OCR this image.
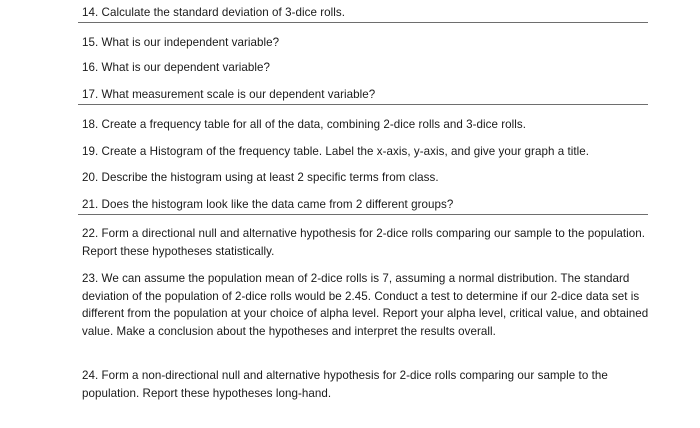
14. Calculate the standard deviation of 3-dice rolls.
15. What is our independent variable?
16. What is our dependent variable?
17. What measurement scale is our dependent variable?
18. Create a frequency table for all of the data, combining 2-dice rolls and 3-dice rolls.
19. Create a Histogram of the frequency table. Label the x-axis, y-axis, and give your graph a title.
20. Describe the histogram using at least 2 specific terms from class.
21. Does the histogram look like the data came from 2 different groups?
22. Form a directional null and alternative hypothesis for 2-dice rolls comparing our sample to the population. Report these hypotheses statistically.
23. We can assume the population mean of 2-dice rolls is 7, assuming a normal distribution. The standard deviation of the population of 2-dice rolls would be 2.45. Conduct a test to determine if our 2-dice data set is different from the population at your choice of alpha level. Report your alpha level, critical value, and obtained value. Make a conclusion about the hypotheses and interpret the results overall.
24. Form a non-directional null and alternative hypothesis for 2-dice rolls comparing our sample to the population. Report these hypotheses long-hand.
